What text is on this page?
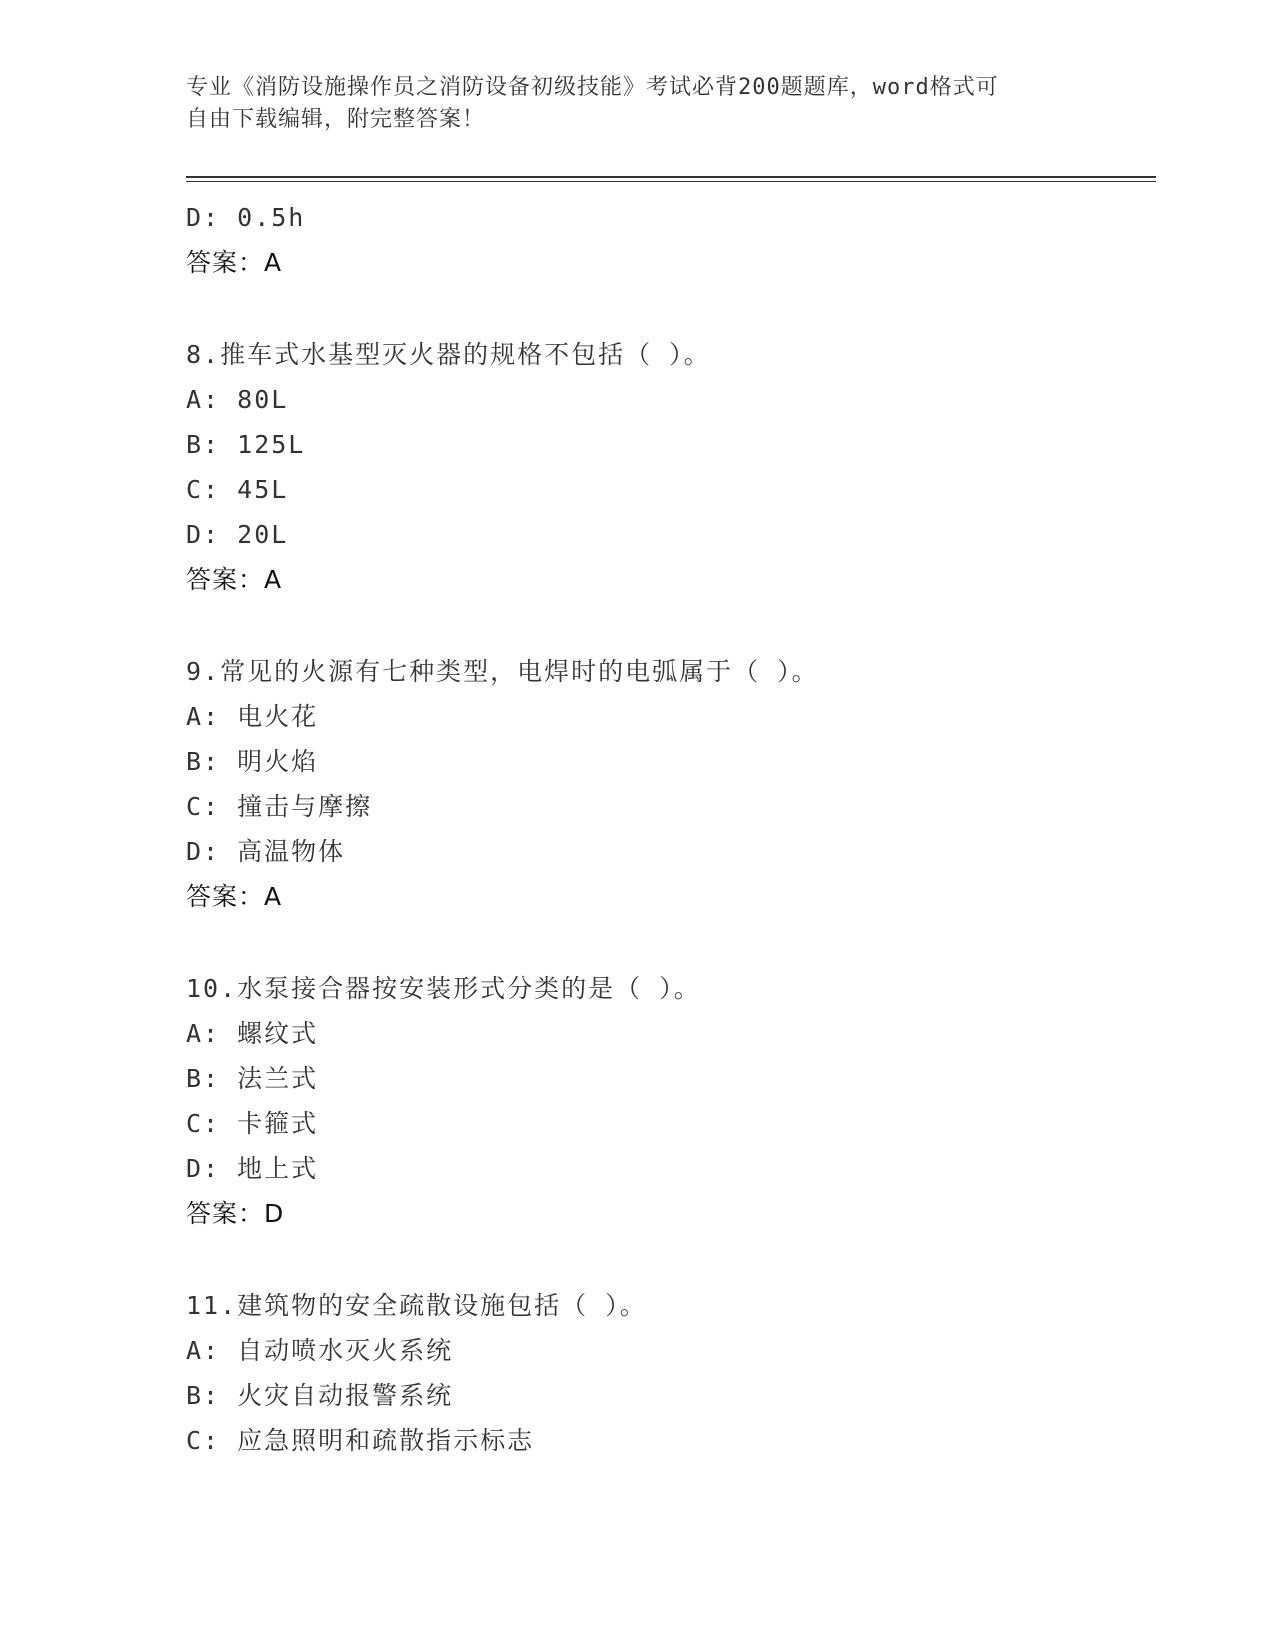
专业《消防设施操作员之消防设备初级技能》考试必背200题题库，word格式可
自由下载编辑，附完整答案！
D: 0.5h
答案：A
8.推车式水基型灭火器的规格不包括（ ）。
A: 80L
B: 125L
C: 45L
D: 20L
答案：A
9.常见的火源有七种类型，电焊时的电弧属于（ ）。
A: 电火花
B: 明火焰
C: 撞击与摩擦
D: 高温物体
答案：A
10.水泵接合器按安装形式分类的是（ ）。
A: 螺纹式
B: 法兰式
C: 卡箍式
D: 地上式
答案：D
11.建筑物的安全疏散设施包括（ ）。
A: 自动喷水灭火系统
B: 火灾自动报警系统
C: 应急照明和疏散指示标志
